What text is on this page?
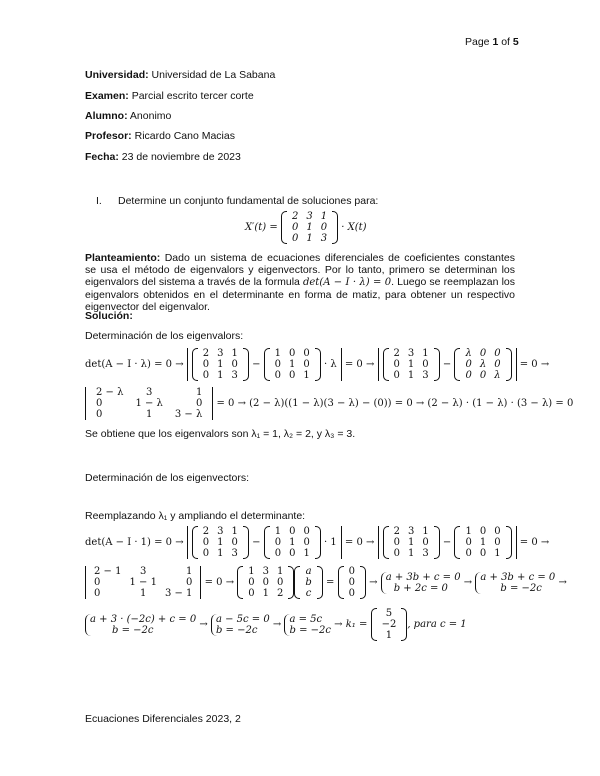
Page 1 of 5
Universidad: Universidad de La Sabana
Examen: Parcial escrito tercer corte
Alumno: Anonimo
Profesor: Ricardo Cano Macias
Fecha: 23 de noviembre de 2023
I. Determine un conjunto fundamental de soluciones para:
X′(t) =
2	3	1
0	1	0
0	1	3
· X(t)
Planteamiento: Dado un sistema de ecuaciones diferenciales de coeficientes constantes se usa el método de eigenvalors y eigenvectors. Por lo tanto, primero se determinan los eigenvalors del sistema a través de la formula det(A − I · λ) = 0. Luego se reemplazan los eigenvalors obtenidos en el determinante en forma de matiz, para obtener un respectivo eigenvector del eigenvalor.
Solución:
Determinación de los eigenvalors:
det(A − I · λ) = 0 →
2	3	1
0	1	0
0	1	3
−
1	0	0
0	1	0
0	0	1
· λ = 0 →
2	3	1
0	1	0
0	1	3
−
λ	0	0
0	λ	0
0	0	λ
= 0 →
2 − λ	3	1
0	1 − λ	0
0	1	3 − λ
= 0 → (2 − λ)((1 − λ)(3 − λ) − (0)) = 0 → (2 − λ) · (1 − λ) · (3 − λ) = 0
Se obtiene que los eigenvalors son λ₁ = 1, λ₂ = 2, y λ₃ = 3.
Determinación de los eigenvectors:
Reemplazando λ₁ y ampliando el determinante:
det(A − I · 1) = 0 →
2	3	1
0	1	0
0	1	3
−
1	0	0
0	1	0
0	0	1
· 1 = 0 →
2	3	1
0	1	0
0	1	3
−
1	0	0
0	1	0
0	0	1
= 0 →
2 − 1	3	1
0	1 − 1	0
0	1	3 − 1
= 0 →
1	3	1
0	0	0
0	1	2
a
b
c
=
0
0
0
→ a + 3b + c = 0
b + 2c = 0 → a + 3b + c = 0
b = −2c →
a + 3 · (−2c) + c = 0
b = −2c	→ a − 5c = 0
b = −2c → a = 5c
b = −2c → k₁ =
5
−2
1
, para c = 1
Ecuaciones Diferenciales 2023, 2
